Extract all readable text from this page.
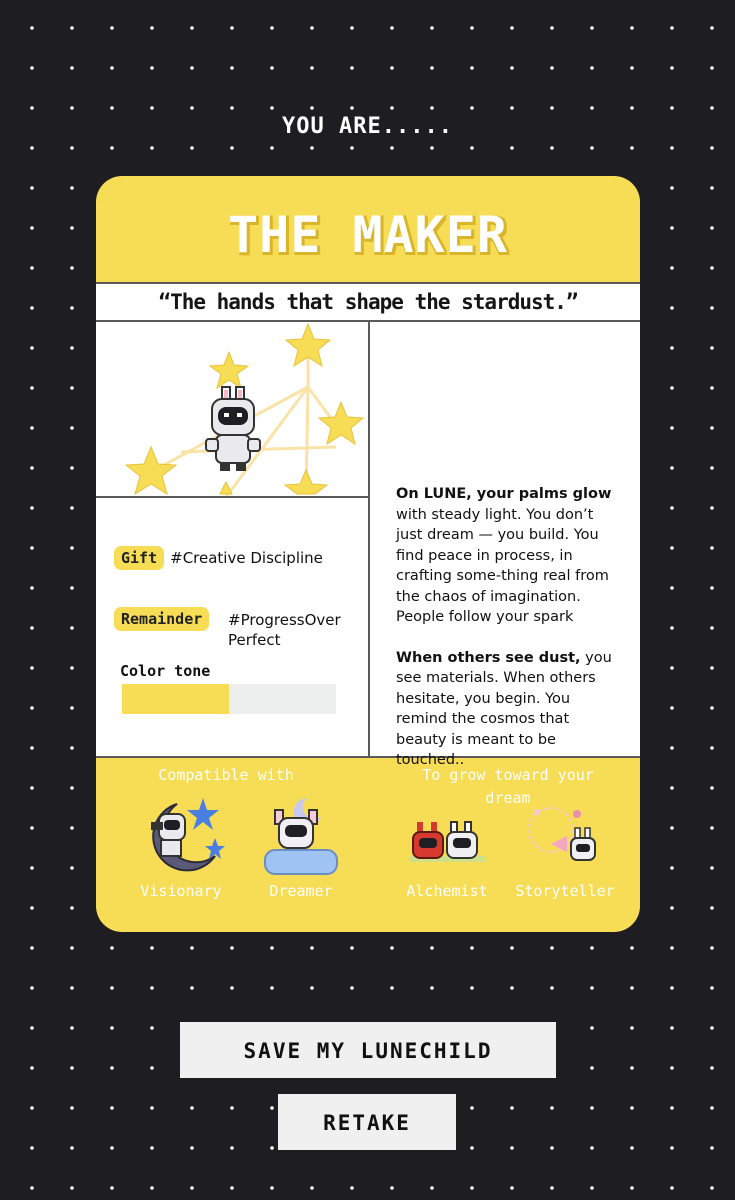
YOU ARE.....
THE MAKER
“The hands that shape the stardust.”
Gift #Creative Discipline
Remainder	#ProgressOver Perfect
Color tone

On LUNE, your palms glow with steady light. You don’t just dream — you build. You find peace in process, in crafting some-thing real from the chaos of imagination.
People follow your spark

When others see dust, you see materials. When others hesitate, you begin. You remind the cosmos that beauty is meant to be touched..

Compatible with	To grow toward your dream
Visionary	Dreamer	Alchemist	Storyteller
SAVE MY LUNECHILD
RETAKE
